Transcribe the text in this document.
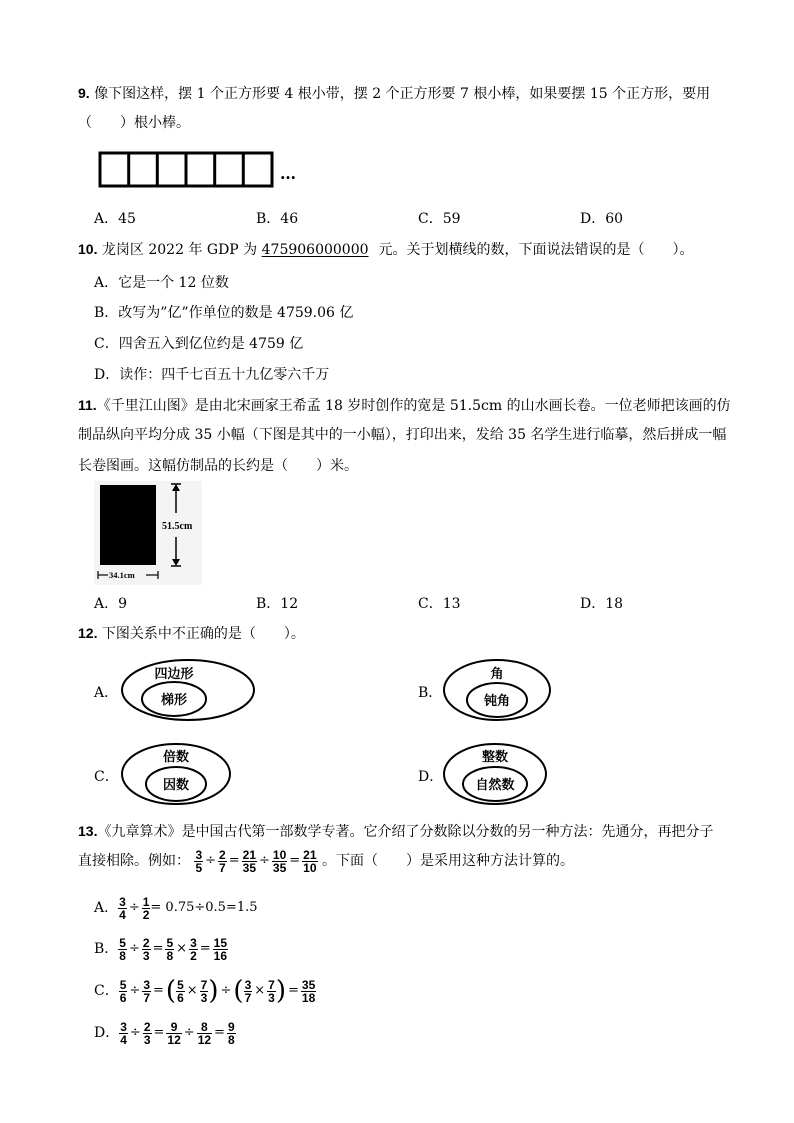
9. 像下图这样，摆 1 个正方形要 4 根小带，摆 2 个正方形要 7 根小棒，如果要摆 15 个正方形，要用
（　　）根小棒。
…
A．45	B．46	C．59	D．60
10. 龙岗区 2022 年 GDP 为 475906000000 元。关于划横线的数，下面说法错误的是（　　）。
A．它是一个 12 位数
B．改写为”亿”作单位的数是 4759.06 亿
C．四舍五入到亿位约是 4759 亿
D．读作：四千七百五十九亿零六千万
11.《千里江山图》是由北宋画家王希孟 18 岁时创作的宽是 51.5cm 的山水画长卷。一位老师把该画的仿
制品纵向平均分成 35 小幅（下图是其中的一小幅），打印出来，发给 35 名学生进行临摹，然后拼成一幅
长卷图画。这幅仿制品的长约是（　　）米。
51.5cm
34.1cm
A．9	B．12	C．13	D．18
12. 下图关系中不正确的是（　　）。
A．
四边形
梯形	B．
角
钝角
C．
倍数
因数
D．
整数
自然数
13.《九章算术》是中国古代第一部数学专著。它介绍了分数除以分数的另一种方法：先通分，再把分子
直接相除。例如： $\frac{3}{5} \div \frac{2}{7} = \frac{21}{35} \div \frac{10}{35} = \frac{21}{10}$ 。下面（　　）是采用这种方法计算的。
A． $\frac{3}{4} \div \frac{1}{2} = 0.75\div 0.5=1.5$
B． $\frac{5}{8} \div \frac{2}{3} = \frac{5}{8} \times \frac{3}{2} = \frac{15}{16}$
C． $\frac{5}{6} \div \frac{3}{7}$ =( $\frac{5}{6} \times \frac{7}{3}$ ) ÷( $\frac{3}{7} \times \frac{7}{3}$ ) = $\frac{35}{18}$
D． $\frac{3}{4} \div \frac{2}{3} = \frac{9}{12} \div \frac{8}{12} = \frac{9}{8}$
